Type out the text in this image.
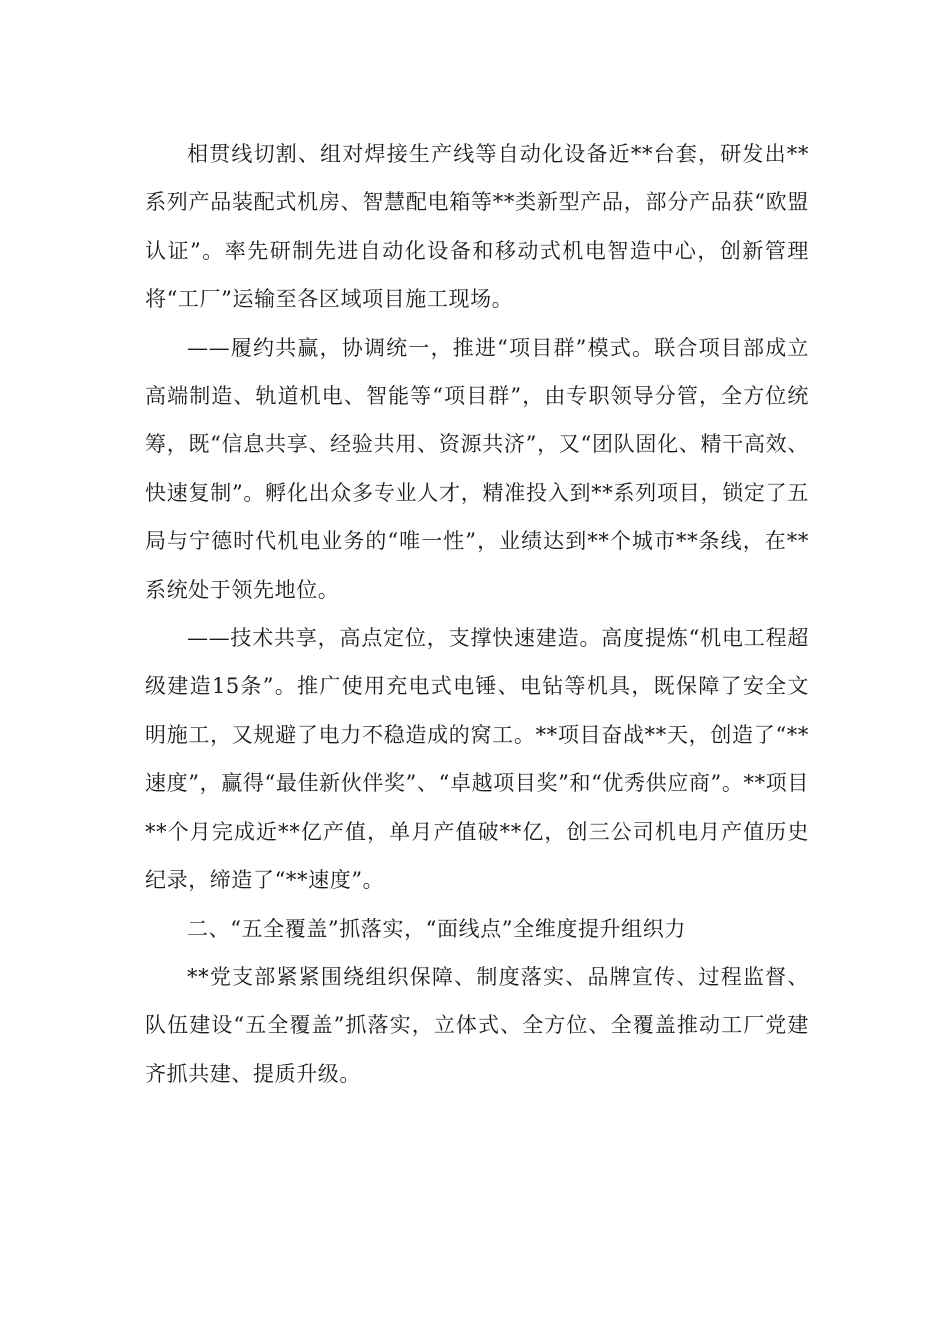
相贯线切割、组对焊接生产线等自动化设备近**台套，研发出**系列产品装配式机房、智慧配电箱等**类新型产品，部分产品获“欧盟认证”。率先研制先进自动化设备和移动式机电智造中心，创新管理将“工厂”运输至各区域项目施工现场。

——履约共赢，协调统一，推进“项目群”模式。联合项目部成立高端制造、轨道机电、智能等“项目群”，由专职领导分管，全方位统筹，既“信息共享、经验共用、资源共济”，又“团队固化、精干高效、快速复制”。孵化出众多专业人才，精准投入到**系列项目，锁定了五局与宁德时代机电业务的“唯一性”，业绩达到**个城市**条线，在**系统处于领先地位。

——技术共享，高点定位，支撑快速建造。高度提炼“机电工程超级建造15条”。推广使用充电式电锤、电钻等机具，既保障了安全文明施工，又规避了电力不稳造成的窝工。**项目奋战**天，创造了“**速度”，赢得“最佳新伙伴奖”、“卓越项目奖”和“优秀供应商”。**项目**个月完成近**亿产值，单月产值破**亿，创三公司机电月产值历史纪录，缔造了“**速度”。

二、“五全覆盖”抓落实，“面线点”全维度提升组织力

**党支部紧紧围绕组织保障、制度落实、品牌宣传、过程监督、队伍建设“五全覆盖”抓落实，立体式、全方位、全覆盖推动工厂党建齐抓共建、提质升级。
